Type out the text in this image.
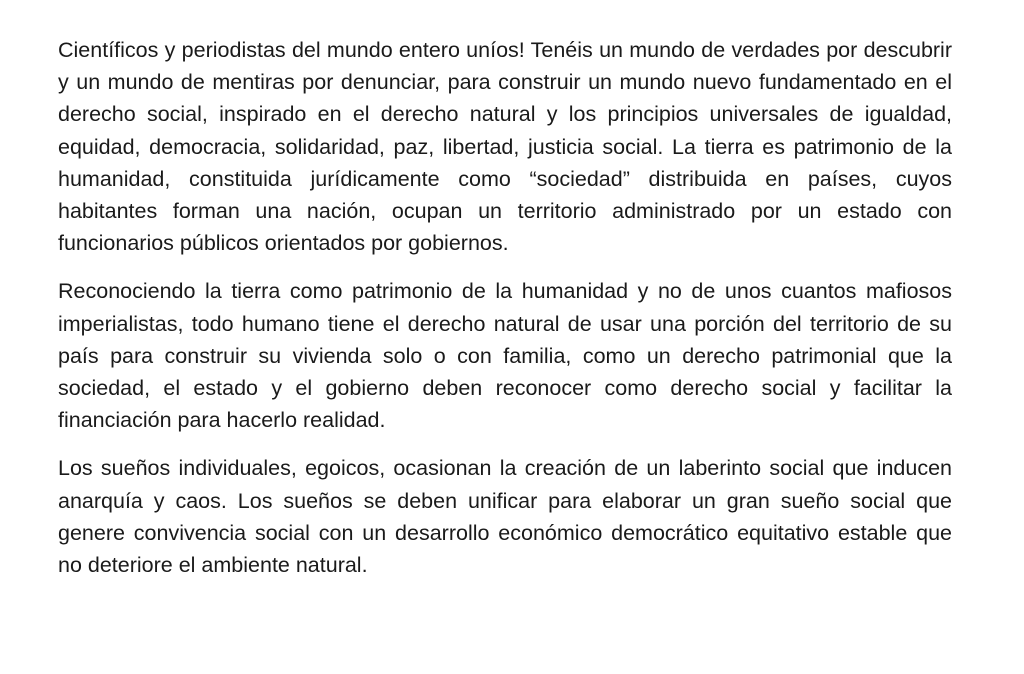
Científicos y periodistas del mundo entero uníos! Tenéis un mundo de verdades por descubrir y un mundo de mentiras por denunciar, para construir un mundo nuevo fundamentado en el derecho social, inspirado en el derecho natural y los principios universales de igualdad, equidad, democracia, solidaridad, paz, libertad, justicia social. La tierra es patrimonio de la humanidad, constituida jurídicamente como “sociedad” distribuida en países, cuyos habitantes forman una nación, ocupan un territorio administrado por un estado con funcionarios públicos orientados por gobiernos.

Reconociendo la tierra como patrimonio de la humanidad y no de unos cuantos mafiosos imperialistas, todo humano tiene el derecho natural de usar una porción del territorio de su país para construir su vivienda solo o con familia, como un derecho patrimonial que la sociedad, el estado y el gobierno deben reconocer como derecho social y facilitar la financiación para hacerlo realidad.

Los sueños individuales, egoicos, ocasionan la creación de un laberinto social que inducen anarquía y caos. Los sueños se deben unificar para elaborar un gran sueño social que genere convivencia social con un desarrollo económico democrático equitativo estable que no deteriore el ambiente natural.
